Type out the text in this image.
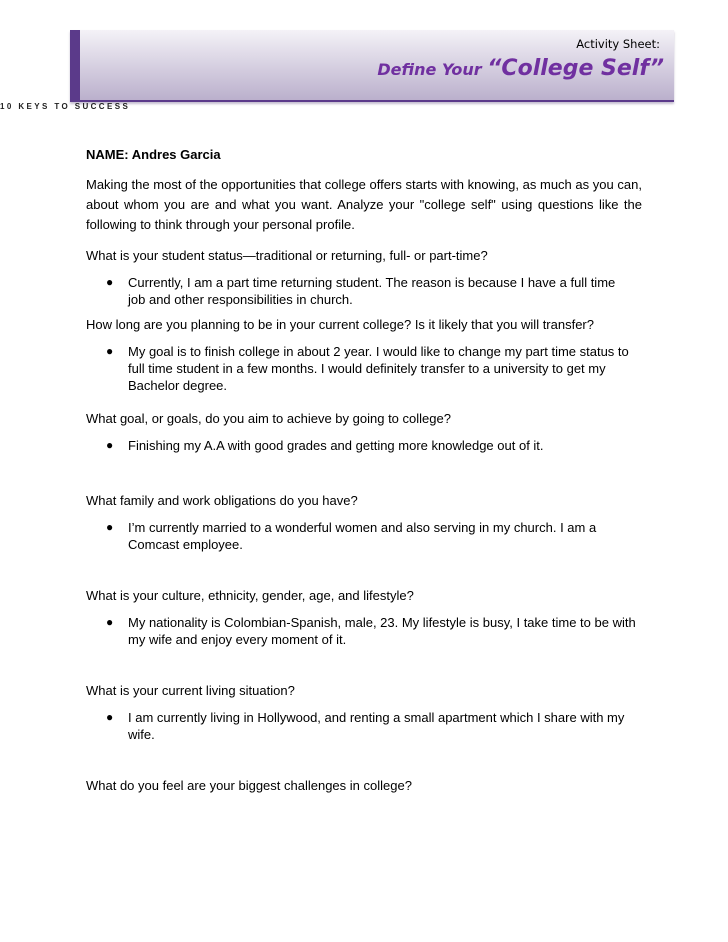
Activity Sheet:
Define Your “College Self”
10 KEYS TO SUCCESS

NAME: Andres Garcia

Making the most of the opportunities that college offers starts with knowing, as much as you can, about whom you are and what you want. Analyze your "college self" using questions like the following to think through your personal profile.

What is your student status—traditional or returning, full- or part-time?

● Currently, I am a part time returning student. The reason is because I have a full time job and other responsibilities in church.

How long are you planning to be in your current college? Is it likely that you will transfer?

● My goal is to finish college in about 2 year. I would like to change my part time status to full time student in a few months. I would definitely transfer to a university to get my Bachelor degree.

What goal, or goals, do you aim to achieve by going to college?

● Finishing my A.A with good grades and getting more knowledge out of it.

What family and work obligations do you have?

● I’m currently married to a wonderful women and also serving in my church. I am a Comcast employee.

What is your culture, ethnicity, gender, age, and lifestyle?

● My nationality is Colombian-Spanish, male, 23. My lifestyle is busy, I take time to be with my wife and enjoy every moment of it.

What is your current living situation?

● I am currently living in Hollywood, and renting a small apartment which I share with my wife.

What do you feel are your biggest challenges in college?
